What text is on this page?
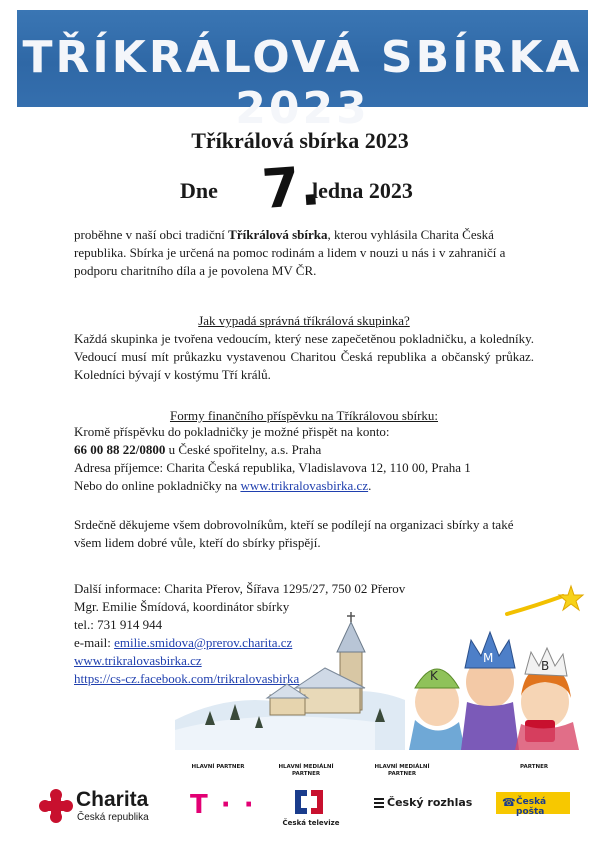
TŘÍKRÁLOVÁ SBÍRKA 2023
Tříkrálová sbírka 2023
Dne 7.
ledna 2023
proběhne v naší obci tradiční Tříkrálová sbírka, kterou vyhlásila Charita Česká republika. Sbírka je určená na pomoc rodinám a lidem v nouzi u nás i v zahraničí a podporu charitního díla a je povolena MV ČR.
Jak vypadá správná tříkrálová skupinka?
Každá skupinka je tvořena vedoucím, který nese zapečetěnou pokladničku, a koledníky. Vedoucí musí mít průkazku vystavenou Charitou Česká republika a občanský průkaz. Koledníci bývají v kostýmu Tří králů.
Formy finančního příspěvku na Tříkrálovou sbírku:
Kromě příspěvku do pokladničky je možné přispět na konto:
66 00 88 22/0800 u České spořitelny, a.s. Praha
Adresa příjemce: Charita Česká republika, Vladislavova 12, 110 00, Praha 1
Nebo do online pokladničky na www.trikralovasbirka.cz.
Srdečně děkujeme všem dobrovolníkům, kteří se podílejí na organizaci sbírky a také všem lidem dobré vůle, kteří do sbírky přispějí.
Další informace: Charita Přerov, Šířava 1295/27, 750 02 Přerov
Mgr. Emilie Šmídová, koordinátor sbírky
tel.: 731 914 944
e-mail: emilie.smidova@prerov.charita.cz
www.trikralovasbirka.cz
https://cs-cz.facebook.com/trikralovasbirka	K
M
B
HLAVNÍ PARTNER	HLAVNÍ MEDIÁLNÍ PARTNER
HLAVNÍ MEDIÁLNÍ PARTNER
PARTNER
Charita
Česká republika T · ·
Česká televize
Český rozhlas	☎ Česká pošta
